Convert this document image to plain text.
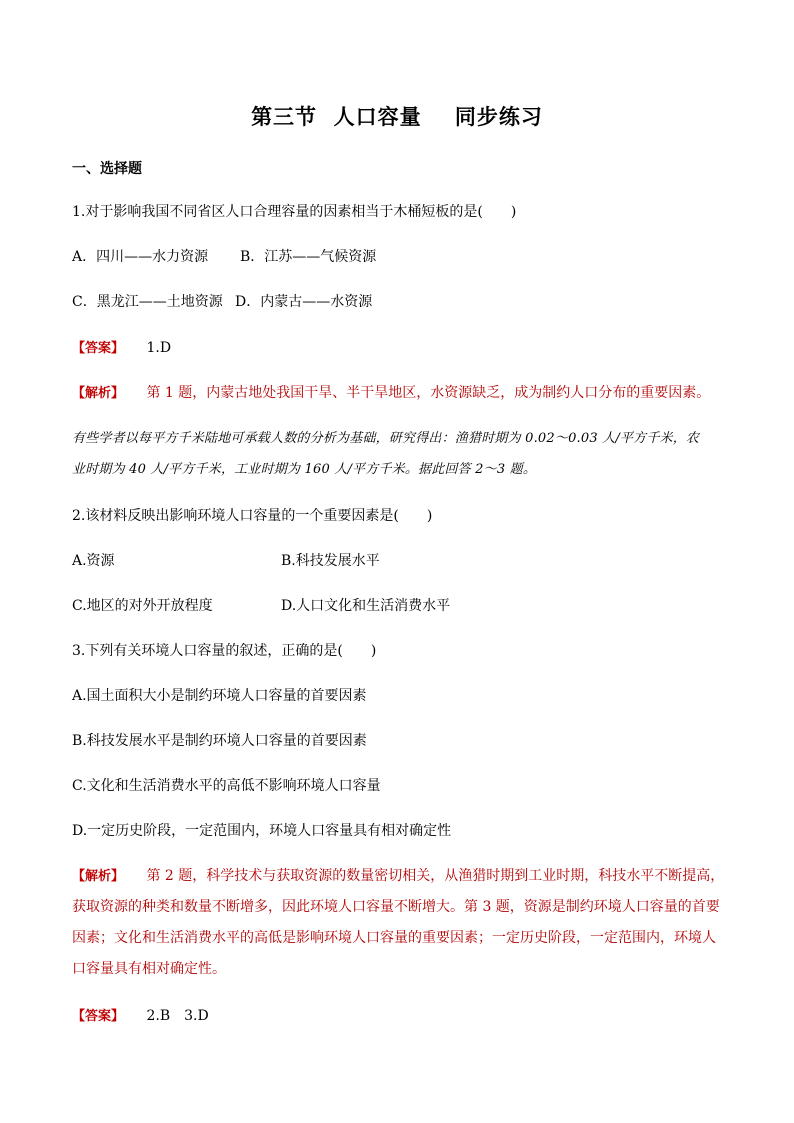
第三节  人口容量    同步练习
一、选择题
1.对于影响我国不同省区人口合理容量的因素相当于木桶短板的是(　　)
A．四川——水力资源 B．江苏——气候资源
C．黑龙江——土地资源 D．内蒙古——水资源
【答案】 1.D
【解析】 第 1 题，内蒙古地处我国干旱、半干旱地区，水资源缺乏，成为制约人口分布的重要因素。
有些学者以每平方千米陆地可承载人数的分析为基础，研究得出：渔猎时期为 0.02～0.03 人/平方千米，农
业时期为 40 人/平方千米，工业时期为 160 人/平方千米。据此回答 2～3 题。
2.该材料反映出影响环境人口容量的一个重要因素是(　　)
A.资源	B.科技发展水平
C.地区的对外开放程度	D.人口文化和生活消费水平
3.下列有关环境人口容量的叙述，正确的是(　　)
A.国土面积大小是制约环境人口容量的首要因素
B.科技发展水平是制约环境人口容量的首要因素
C.文化和生活消费水平的高低不影响环境人口容量
D.一定历史阶段，一定范围内，环境人口容量具有相对确定性
【解析】 第 2 题，科学技术与获取资源的数量密切相关，从渔猎时期到工业时期，科技水平不断提高，
获取资源的种类和数量不断增多，因此环境人口容量不断增大。第 3 题，资源是制约环境人口容量的首要
因素；文化和生活消费水平的高低是影响环境人口容量的重要因素；一定历史阶段，一定范围内，环境人
口容量具有相对确定性。
【答案】 2.B　3.D
